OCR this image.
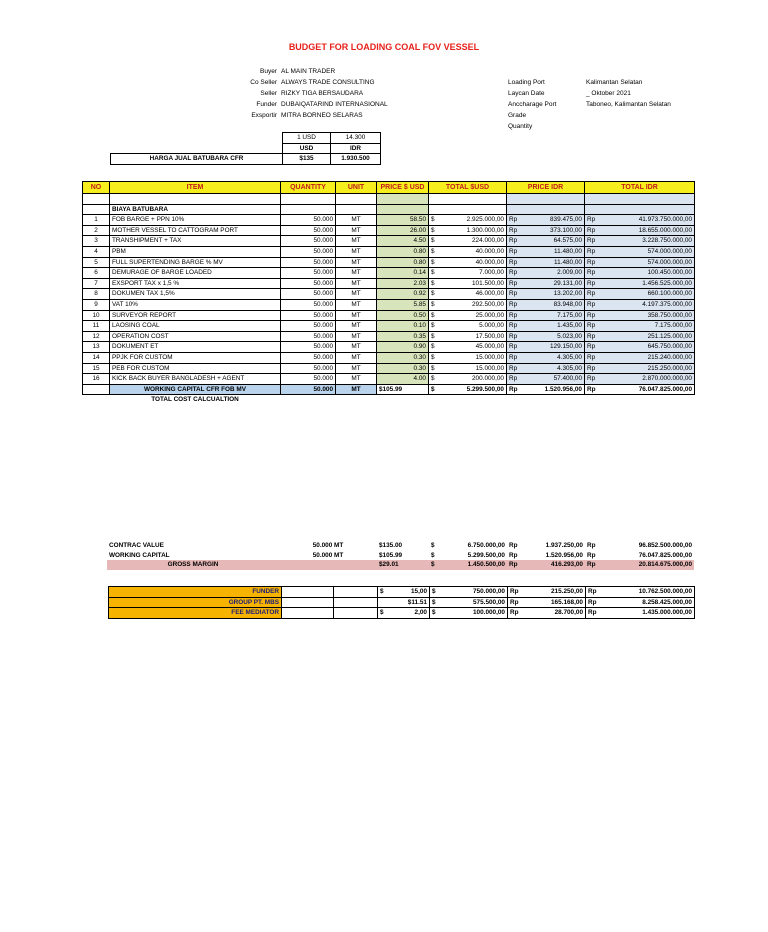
BUDGET FOR LOADING COAL FOV VESSEL
Buyer AL MAIN TRADER
Co Seller ALWAYS TRADE CONSULTING
Seller RIZKY TIGA BERSAUDARA
Funder DUBAIQATARIND INTERNASIONAL
Exsportir MITRA BORNEO SELARAS
Loading Port	Kalimantan Selatan
Laycan Date	_ Oktober 2021
Anccharage Port	Taboneo, Kalimantan Selatan
Grade
Quantity
1 USD	14.300
USD	IDR
HARGA JUAL BATUBARA CFR	$135	1.930.500
NO	ITEM	QUANTITY	UNIT	PRICE $ USD	TOTAL $USD	PRICE IDR	TOTAL IDR

	BIAYA BATUBARA						
1	FOB BARGE + PPN 10%	50.000	MT	58.50	$ 2.925.000,00	Rp 839.475,00	Rp 41.973.750.000,00

2	MOTHER VESSEL TO CATTOGRAM PORT	50.000	MT	26.00	$ 1.300.000,00	Rp 373.100,00	Rp 18.655.000.000,00

3	TRANSHIPMENT + TAX	50.000	MT	4.50	$ 224.000,00	Rp 64.575,00	Rp 3.228.750.000,00

4	PBM	50.000	MT	0.80	$ 40.000,00	Rp 11.480,00	Rp 574.000.000,00

5	FULL SUPERTENDING BARGE % MV	50.000	MT	0.80	$ 40.000,00	Rp 11.480,00	Rp 574.000.000,00

6	DEMURAGE OF BARGE LOADED	50.000	MT	0.14	$ 7.000,00	Rp 2.009,00	Rp 100.450.000,00

7	EXSPORT TAX x 1,5 %	50.000	MT	2.03	$ 101.500,00	Rp 29.131,00	Rp 1.456.525.000,00

8	DOKUMEN TAX 1,5%	50.000	MT	0.92	$ 46.000,00	Rp 13.202,00	Rp 660.100.000,00

9	VAT 10%	50.000	MT	5.85	$ 292.500,00	Rp 83.948,00	Rp 4.197.375.000,00

10	SURVEYOR REPORT	50.000	MT	0.50	$ 25.000,00	Rp 7.175,00	Rp 358.750.000,00

11	LAOSING COAL	50.000	MT	0.10	$ 5.000,00	Rp 1.435,00	Rp 7.175.000,00

12	OPERATION COST	50.000	MT	0.35	$ 17.500,00	Rp 5.023,00	Rp 251.125.000,00

13	DOKUMENT ET	50.000	MT	0.90	$ 45.000,00	Rp 129.150,00	Rp 645.750.000,00

14	PPJK FOR CUSTOM	50.000	MT	0.30	$ 15.000,00	Rp 4.305,00	Rp 215.240.000,00

15	PEB FOR CUSTOM	50.000	MT	0.30	$ 15.000,00	Rp 4.305,00	Rp 215.250.000,00

16	KICK BACK BUYER BANGLADESH + AGENT	50.000	MT	4.00	$ 200.000,00	Rp 57.400,00	Rp 2.870.000.000,00

	WORKING CAPITAL CFR FOB MV	50.000	MT	$105.99	$ 5.299.500,00	Rp 1.520.956,00	Rp 76.047.825.000,00

	TOTAL COST CALCUALTION						
CONTRAC VALUE	50.000 MT	$135.00	$ 6.750.000,00	Rp 1.937.250,00	Rp 96.852.500.000,00

WORKING CAPITAL	50.000 MT	$105.99	$ 5.299.500,00	Rp 1.520.956,00	Rp 76.047.825.000,00

GROSS MARGIN		$29.01	$ 1.450.500,00	Rp 416.293,00	Rp 20.814.675.000,00
FUNDER			$ 15,00	$ 750.000,00	Rp 215.250,00	Rp 10.762.500.000,00

GROUP PT. MBS			$11.51	$ 575.500,00	Rp 165.168,00	Rp 8.258.425.000,00

FEE MEDIATOR			$ 2,00	$ 100.000,00	Rp 28.700,00	Rp 1.435.000.000,00
